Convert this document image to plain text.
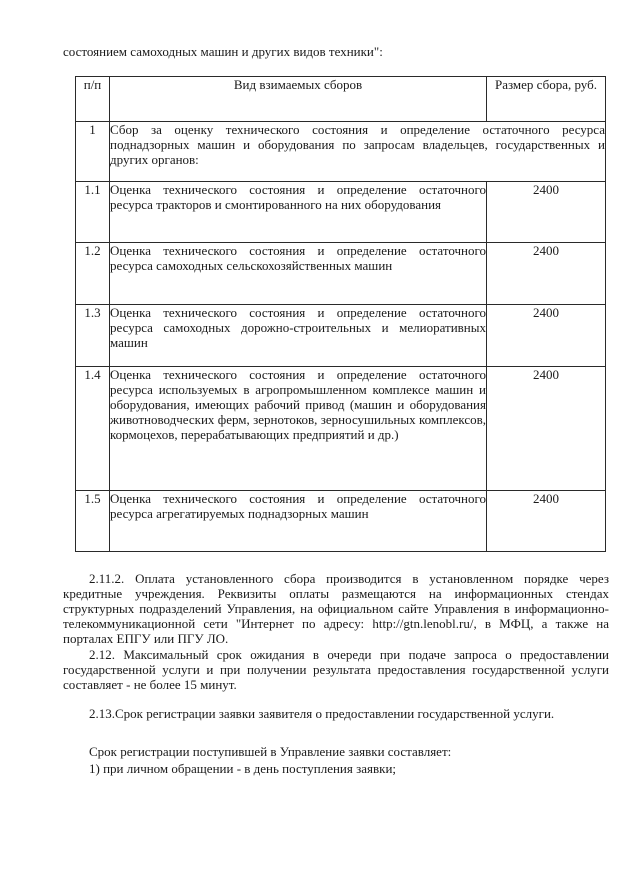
состоянием самоходных машин и других видов техники":
п/п	Вид взимаемых сборов	Размер сбора, руб.
1	Сбор за оценку технического состояния и определение остаточного ресурса поднадзорных машин и оборудования по запросам владельцев, государственных и других органов:	
1.1	Оценка технического состояния и определение остаточного ресурса тракторов и смонтированного на них оборудования	2400
1.2	Оценка технического состояния и определение остаточного ресурса самоходных сельскохозяйственных машин	2400
1.3	Оценка технического состояния и определение остаточного ресурса самоходных дорожно-строительных и мелиоративных машин	2400
1.4	Оценка технического состояния и определение остаточного ресурса используемых в агропромышленном комплексе машин и оборудования, имеющих рабочий привод (машин и оборудования животноводческих ферм, зернотоков, зерносушильных комплексов, кормоцехов, перерабатывающих предприятий и др.)	2400
1.5	Оценка технического состояния и определение остаточного ресурса агрегатируемых поднадзорных машин	2400
2.11.2. Оплата установленного сбора производится в установленном порядке через кредитные учреждения. Реквизиты оплаты размещаются на информационных стендах структурных подразделений Управления, на официальном сайте Управления в информационно-телекоммуникационной сети "Интернет по адресу: http://gtn.lenobl.ru/, в МФЦ, а также на порталах ЕПГУ или ПГУ ЛО.
2.12. Максимальный срок ожидания в очереди при подаче запроса о предоставлении государственной услуги и при получении результата предоставления государственной услуги составляет - не более 15 минут.
2.13.Срок регистрации заявки заявителя о предоставлении государственной услуги.
Срок регистрации поступившей в Управление заявки составляет:
1) при личном обращении - в день поступления заявки;
